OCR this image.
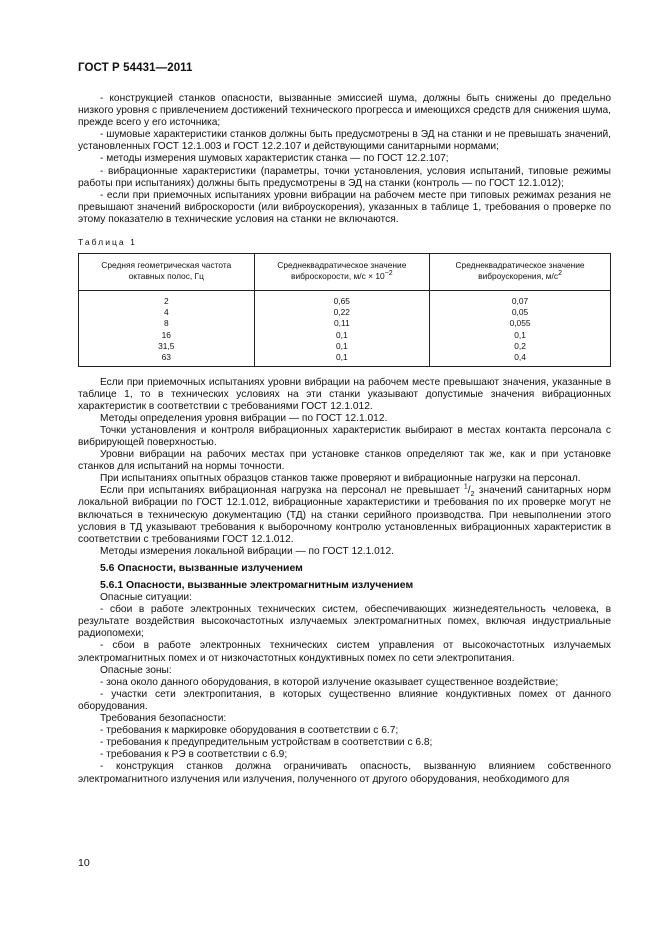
ГОСТ Р 54431—2011

- конструкцией станков опасности, вызванные эмиссией шума, должны быть снижены до предельно низкого уровня с привлечением достижений технического прогресса и имеющихся средств для снижения шума, прежде всего у его источника;

- шумовые характеристики станков должны быть предусмотрены в ЭД на станки и не превышать значений, установленных ГОСТ 12.1.003 и ГОСТ 12.2.107 и действующими санитарными нормами;

- методы измерения шумовых характеристик станка — по ГОСТ 12.2.107;

- вибрационные характеристики (параметры, точки установления, условия испытаний, типовые режимы работы при испытаниях) должны быть предусмотрены в ЭД на станки (контроль — по ГОСТ 12.1.012);

- если при приемочных испытаниях уровни вибрации на рабочем месте при типовых режимах резания не превышают значений виброскорости (или виброускорения), указанных в таблице 1, требования о проверке по этому показателю в технические условия на станки не включаются.

Таблица 1
Средняя геометрическая частота октавных полос, Гц	Среднеквадратическое значение виброскорости, $м/с \times 10^{-2}$	Среднеквадратическое значение виброускорения, $м/с^2$
2	0,65	0,07
4	0,22	0,05
8	0,11	0,055
16	0,1	0,1
31,5	0,1	0,2
63	0,1	0,4

Если при приемочных испытаниях уровни вибрации на рабочем месте превышают значения, указанные в таблице 1, то в технических условиях на эти станки указывают допустимые значения вибрационных характеристик в соответствии с требованиями ГОСТ 12.1.012.

Методы определения уровня вибрации — по ГОСТ 12.1.012.

Точки установления и контроля вибрационных характеристик выбирают в местах контакта персонала с вибрирующей поверхностью.

Уровни вибрации на рабочих местах при установке станков определяют так же, как и при установке станков для испытаний на нормы точности.

При испытаниях опытных образцов станков также проверяют и вибрационные нагрузки на персонал.

Если при испытаниях вибрационная нагрузка на персонал не превышает $^1/_2$ значений санитарных норм локальной вибрации по ГОСТ 12.1.012, вибрационные характеристики и требования по их проверке могут не включаться в техническую документацию (ТД) на станки серийного производства. При невыполнении этого условия в ТД указывают требования к выборочному контролю установленных вибрационных характеристик в соответствии с требованиями ГОСТ 12.1.012.

Методы измерения локальной вибрации — по ГОСТ 12.1.012.

5.6 Опасности, вызванные излучением

5.6.1 Опасности, вызванные электромагнитным излучением

Опасные ситуации:

- сбои в работе электронных технических систем, обеспечивающих жизнедеятельность человека, в результате воздействия высокочастотных излучаемых электромагнитных помех, включая индустриальные радиопомехи;

- сбои в работе электронных технических систем управления от высокочастотных излучаемых электромагнитных помех и от низкочастотных кондуктивных помех по сети электропитания.

Опасные зоны:

- зона около данного оборудования, в которой излучение оказывает существенное воздействие;

- участки сети электропитания, в которых существенно влияние кондуктивных помех от данного оборудования.

Требования безопасности:

- требования к маркировке оборудования в соответствии с 6.7;

- требования к предупредительным устройствам в соответствии с 6.8;

- требования к РЭ в соответствии с 6.9;

- конструкция станков должна ограничивать опасность, вызванную влиянием собственного электромагнитного излучения или излучения, полученного от другого оборудования, необходимого для

10
